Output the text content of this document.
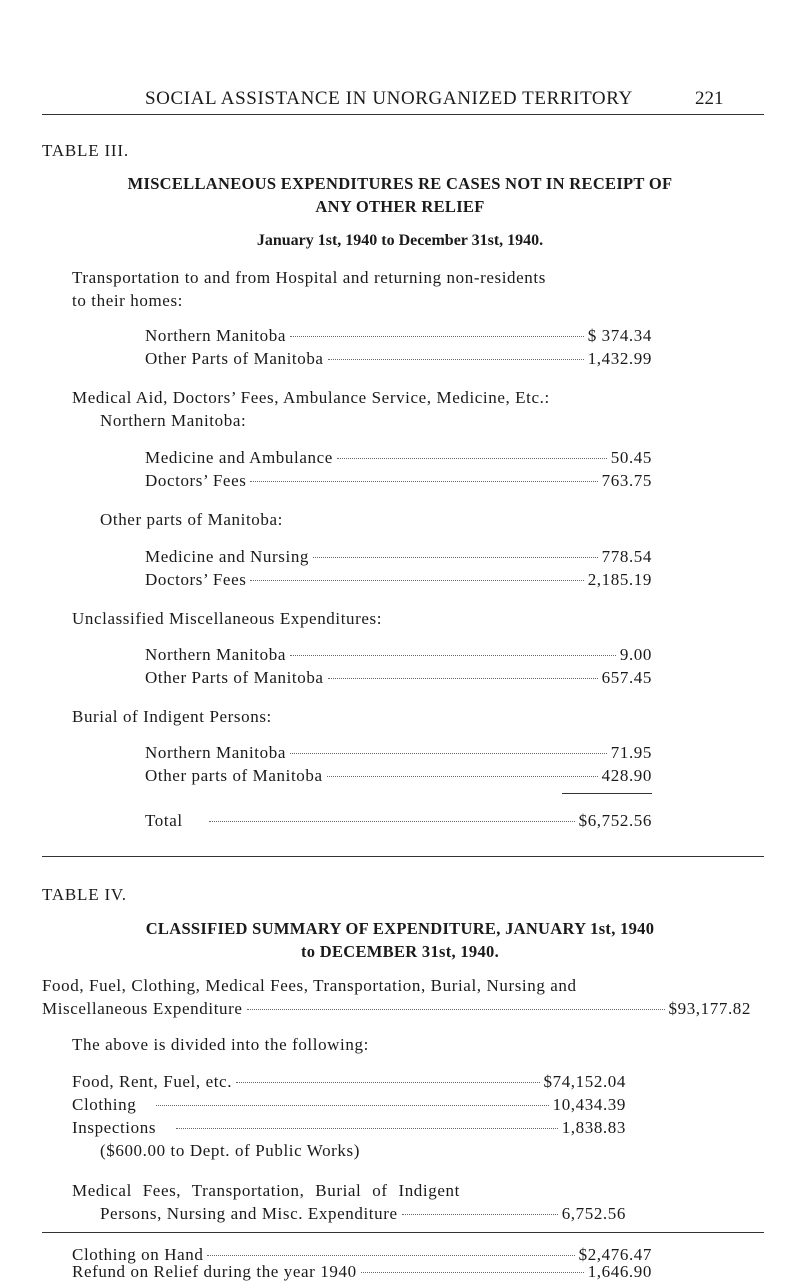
SOCIAL ASSISTANCE IN UNORGANIZED TERRITORY	221
TABLE III.
MISCELLANEOUS EXPENDITURES RE CASES NOT IN RECEIPT OF
ANY OTHER RELIEF
January 1st, 1940 to December 31st, 1940.
Transportation to and from Hospital and returning non-residents
to their homes:
Northern Manitoba	$ 374.34
Other Parts of Manitoba	1,432.99
Medical Aid, Doctors’ Fees, Ambulance Service, Medicine, Etc.:
Northern Manitoba:
Medicine and Ambulance	50.45
Doctors’ Fees	763.75
Other parts of Manitoba:
Medicine and Nursing	778.54
Doctors’ Fees	2,185.19
Unclassified Miscellaneous Expenditures:
Northern Manitoba	9.00
Other Parts of Manitoba	657.45
Burial of Indigent Persons:
Northern Manitoba	71.95
Other parts of Manitoba	428.90
Total	$6,752.56
TABLE IV.
CLASSIFIED SUMMARY OF EXPENDITURE, JANUARY 1st, 1940
to DECEMBER 31st, 1940.
Food, Fuel, Clothing, Medical Fees, Transportation, Burial, Nursing and
Miscellaneous Expenditure	$93,177.82
The above is divided into the following:
Food, Rent, Fuel, etc.	$74,152.04
Clothing	10,434.39
Inspections	1,838.83
($600.00 to Dept. of Public Works)
Medical Fees, Transportation, Burial of Indigent
Persons, Nursing and Misc. Expenditure	6,752.56
Clothing on Hand	$2,476.47
Refund on Relief during the year 1940	1,646.90
